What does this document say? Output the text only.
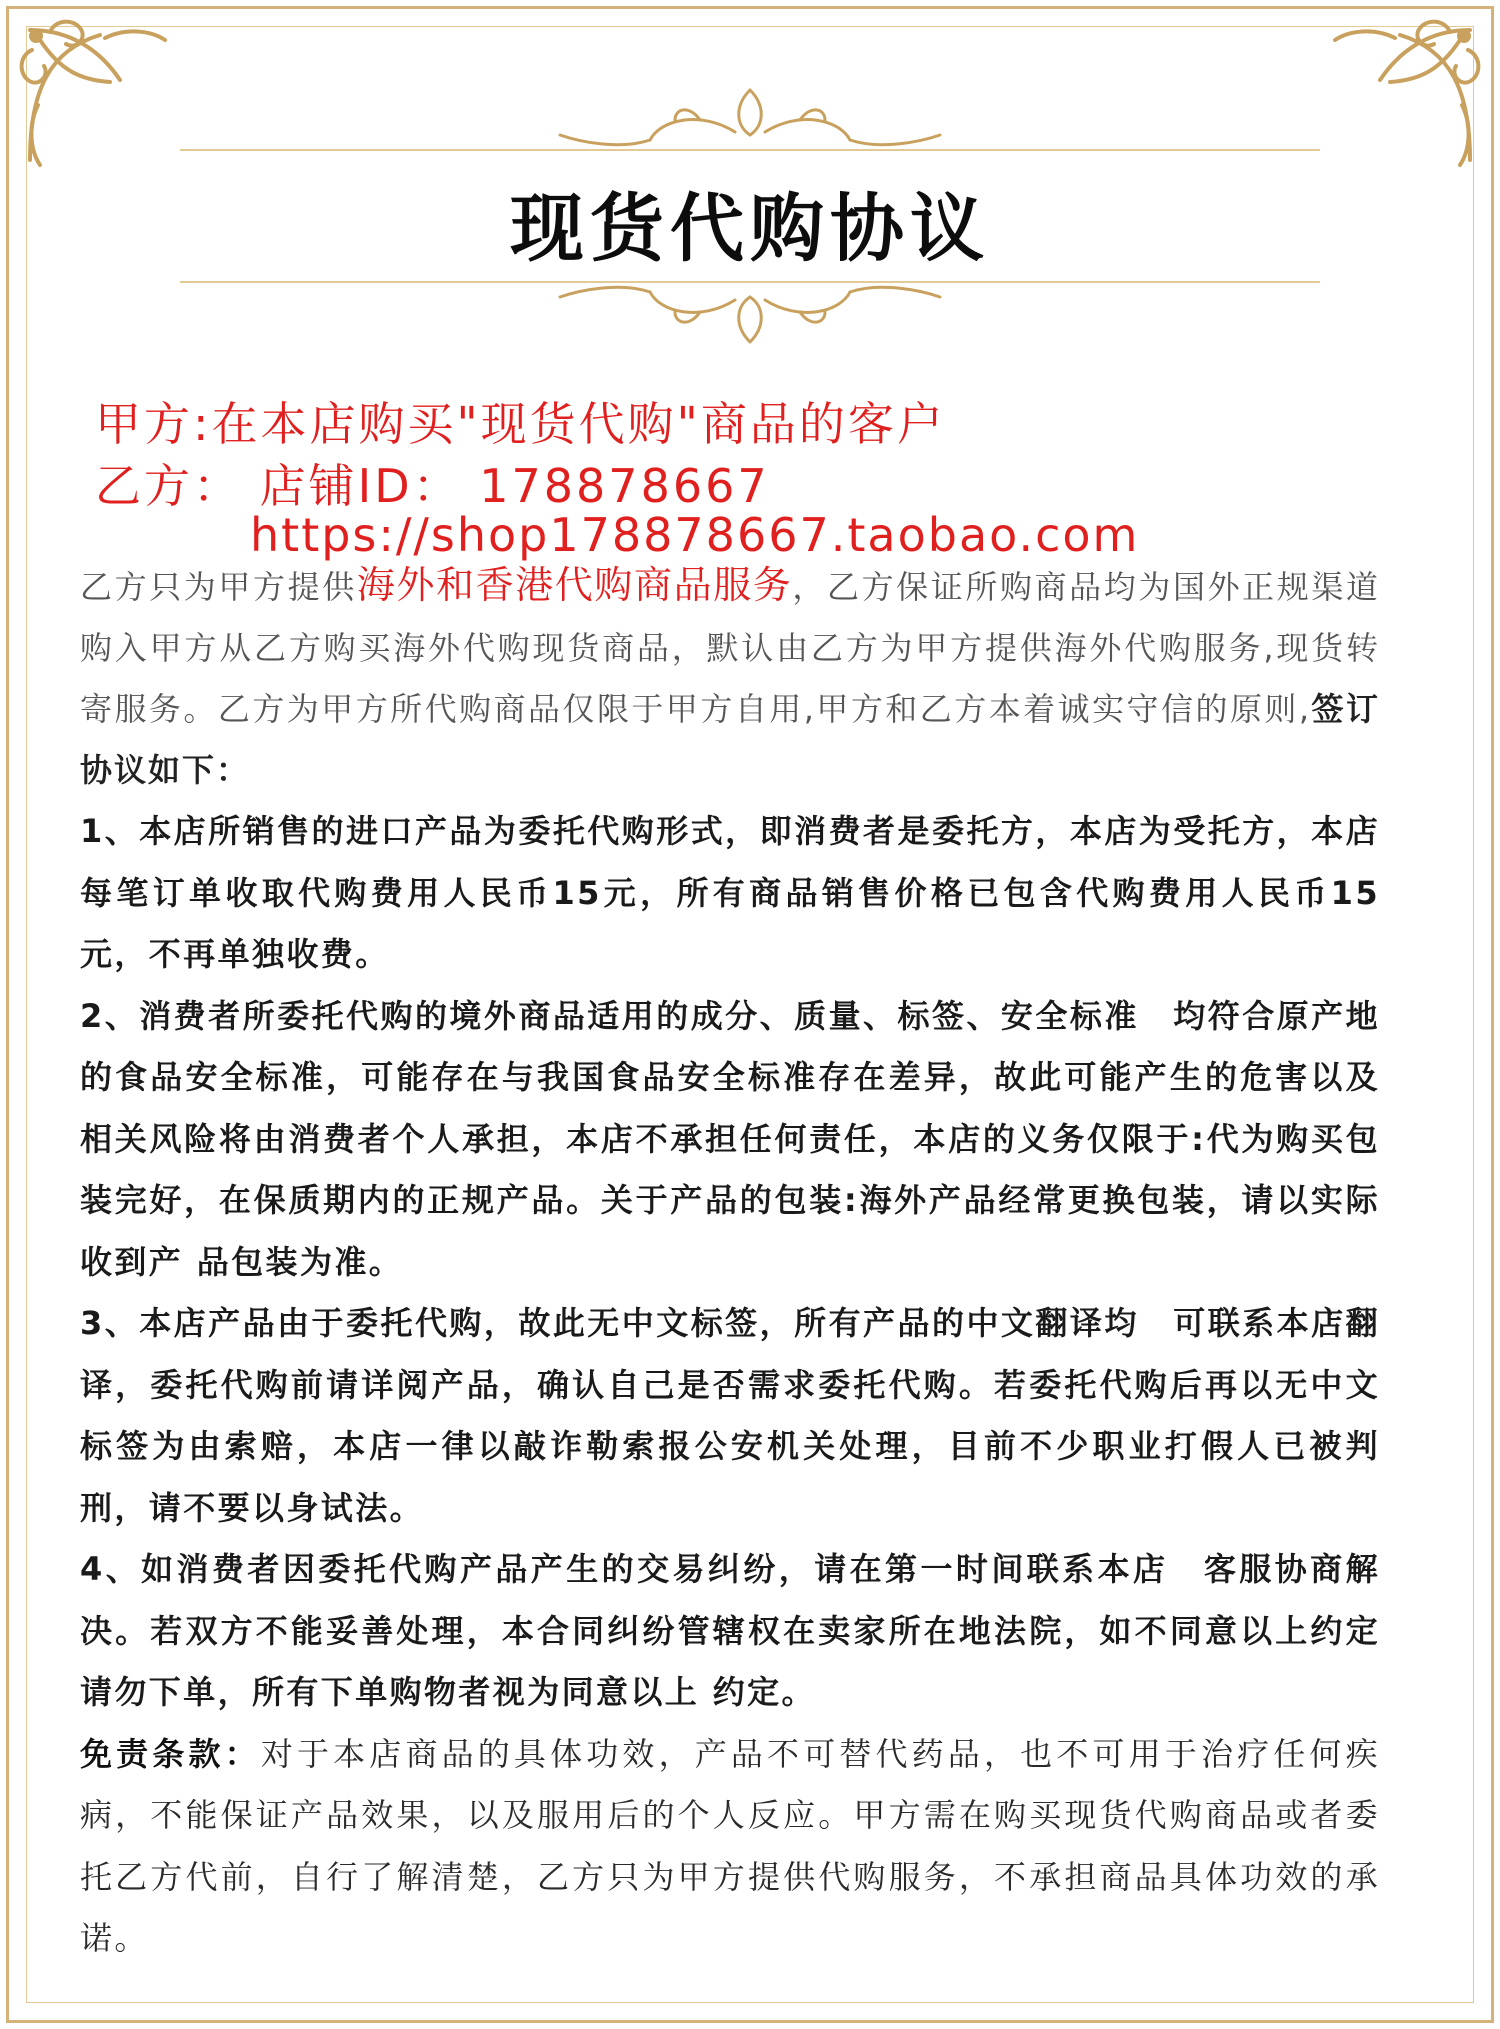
现货代购协议
甲方:在本店购买"现货代购"商品的客户
乙方： 店铺ID： 178878667
https://shop178878667.taobao.com

乙方只为甲方提供海外和香港代购商品服务，乙方保证所购商品均为国外正规渠道购入甲方从乙方购买海外代购现货商品，默认由乙方为甲方提供海外代购服务,现货转寄服务。乙方为甲方所代购商品仅限于甲方自用,甲方和乙方本着诚实守信的原则,签订协议如下：

1、本店所销售的进口产品为委托代购形式，即消费者是委托方，本店为受托方，本店每笔订单收取代购费用人民币15元，所有商品销售价格已包含代购费用人民币15元，不再单独收费。

2、消费者所委托代购的境外商品适用的成分、质量、标签、安全标准　均符合原产地的食品安全标准，可能存在与我国食品安全标准存在差异，故此可能产生的危害以及相关风险将由消费者个人承担，本店不承担任何责任，本店的义务仅限于:代为购买包装完好，在保质期内的正规产品。关于产品的包装:海外产品经常更换包装，请以实际收到产 品包装为准。

3、本店产品由于委托代购，故此无中文标签，所有产品的中文翻译均　可联系本店翻译，委托代购前请详阅产品，确认自己是否需求委托代购。若委托代购后再以无中文标签为由索赔，本店一律以敲诈勒索报公安机关处理，目前不少职业打假人已被判刑，请不要以身试法。

4、如消费者因委托代购产品产生的交易纠纷，请在第一时间联系本店　客服协商解决。若双方不能妥善处理，本合同纠纷管辖权在卖家所在地法院，如不同意以上约定请勿下单，所有下单购物者视为同意以上 约定。

免责条款：对于本店商品的具体功效，产品不可替代药品，也不可用于治疗任何疾病，不能保证产品效果，以及服用后的个人反应。甲方需在购买现货代购商品或者委托乙方代前，自行了解清楚，乙方只为甲方提供代购服务，不承担商品具体功效的承诺。
